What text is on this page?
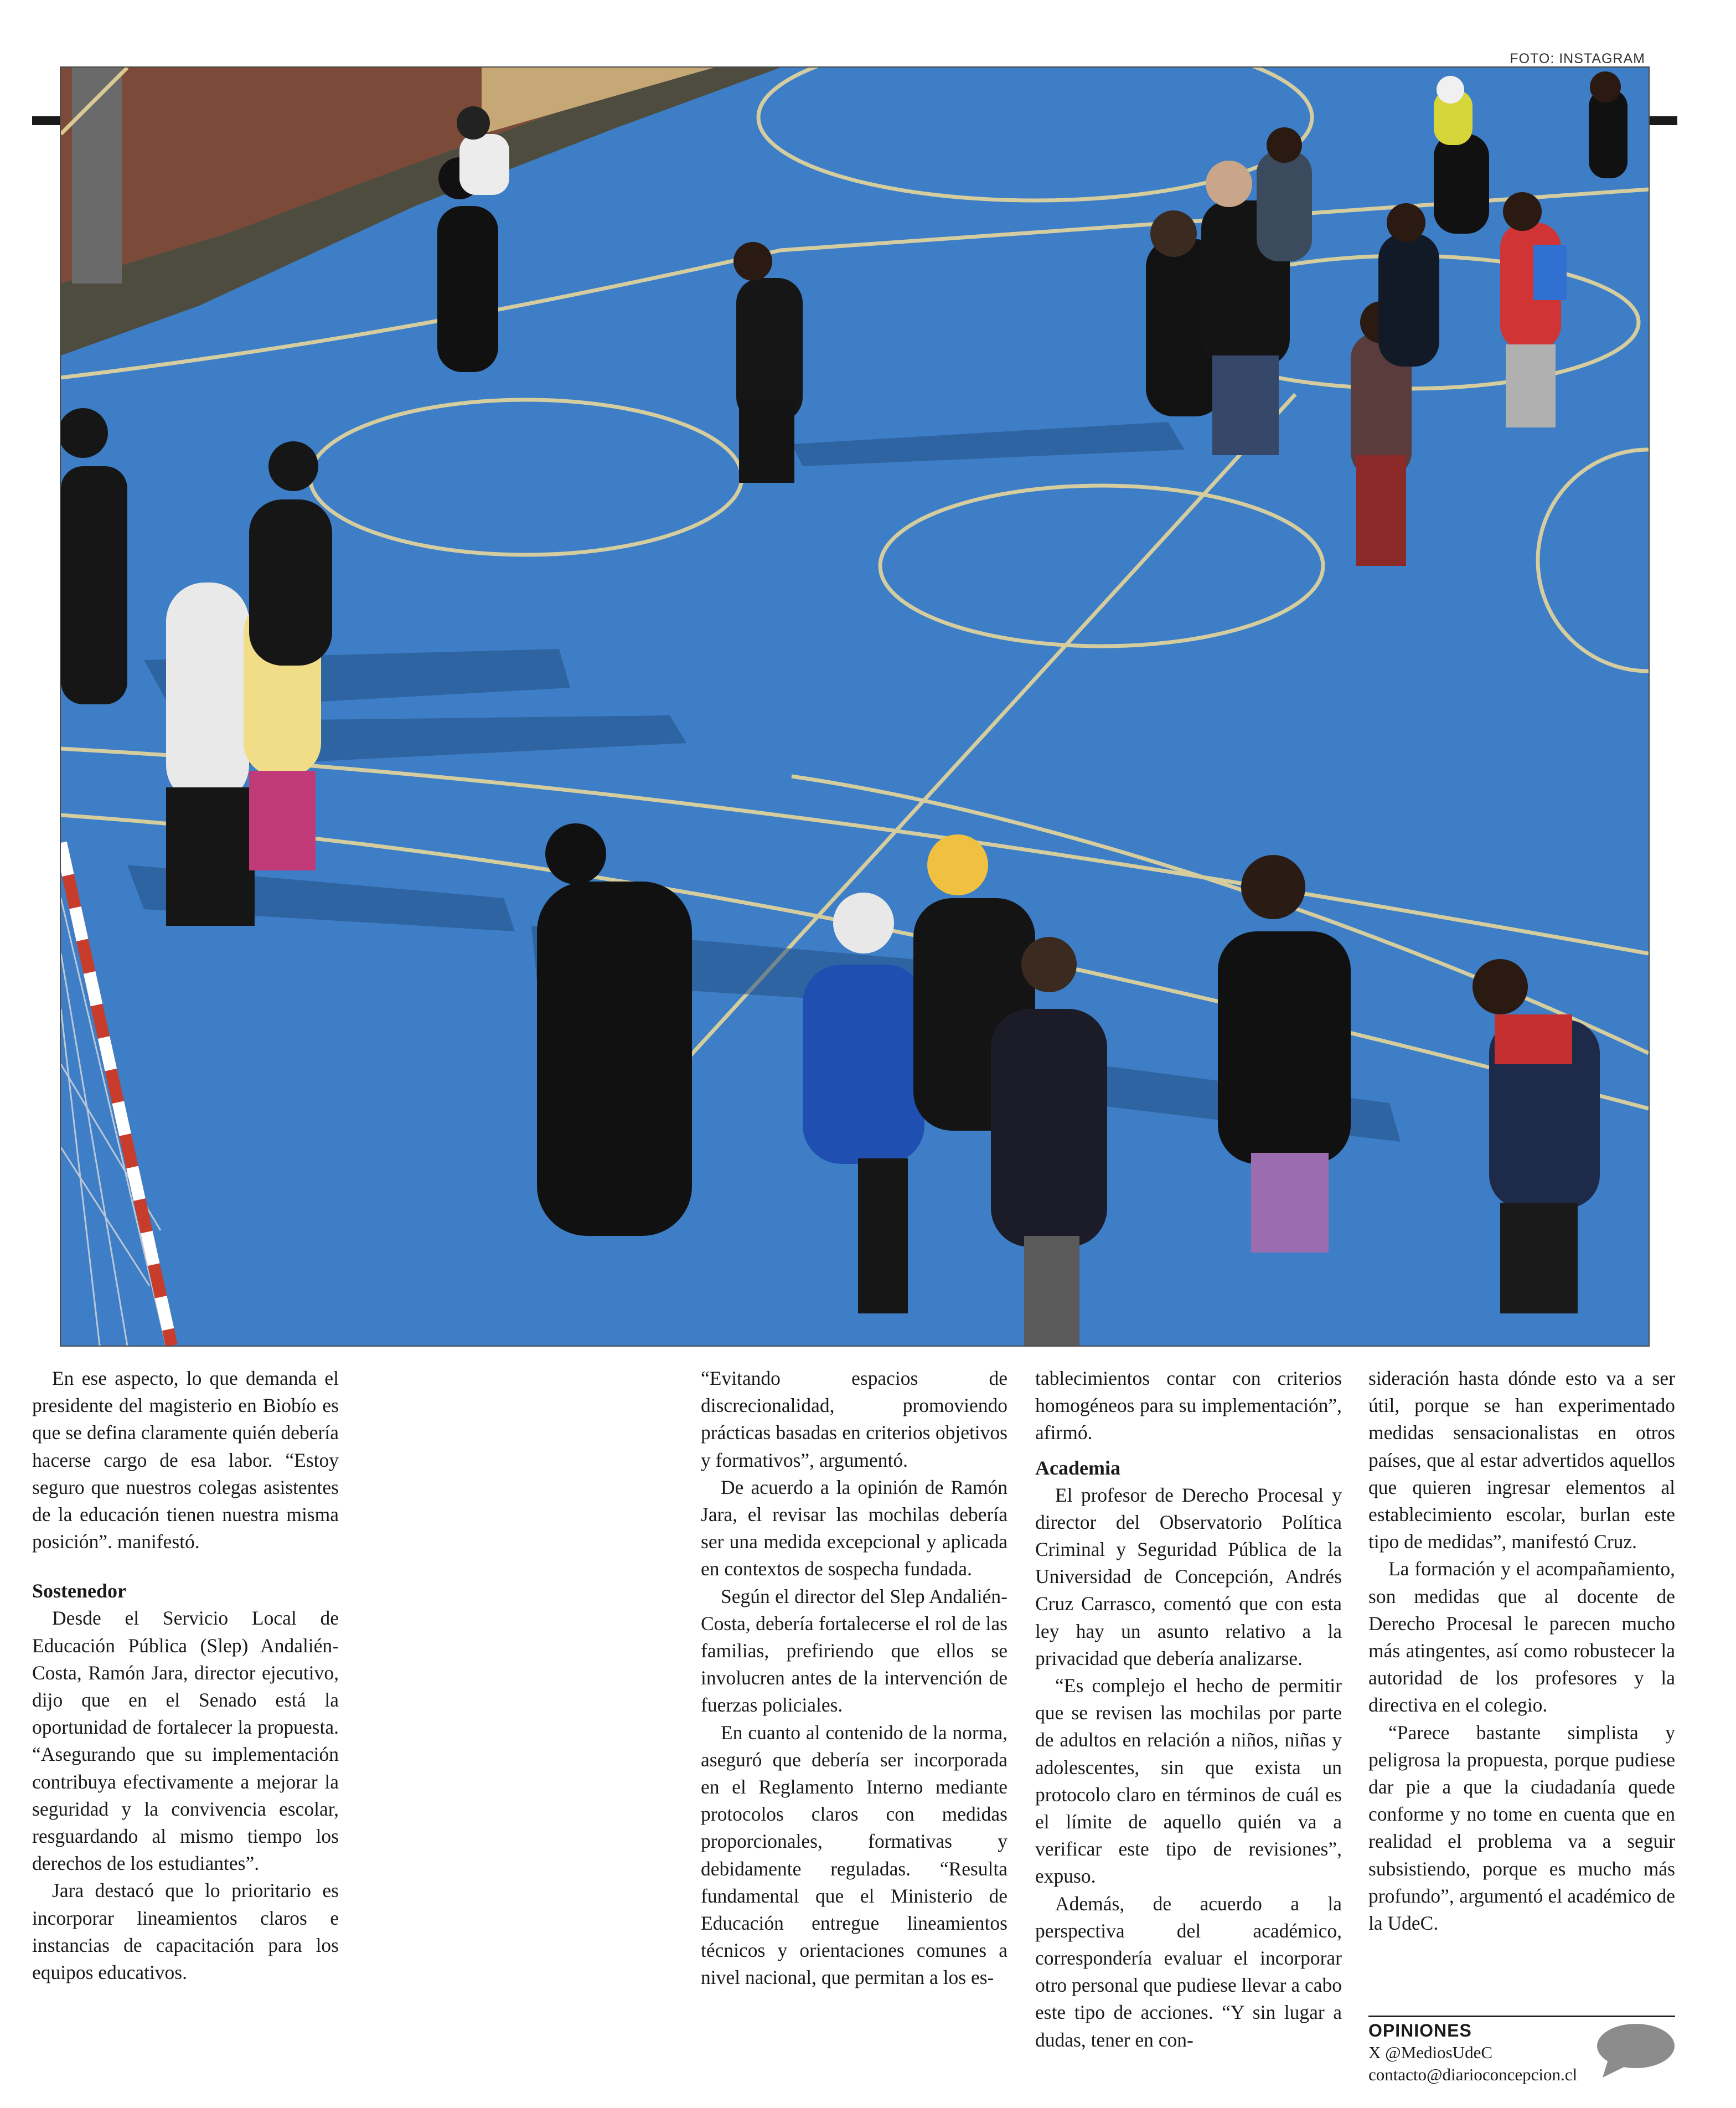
FOTO: INSTAGRAM

En ese aspecto, lo que demanda el presidente del magisterio en Biobío es que se defina claramente quién debería hacerse cargo de esa labor. “Estoy seguro que nuestros colegas asistentes de la educación tienen nuestra misma posición”. manifestó.

Sostenedor

Desde el Servicio Local de Educación Pública (Slep) Andalién-Costa, Ramón Jara, director ejecutivo, dijo que en el Senado está la oportunidad de fortalecer la propuesta. “Asegurando que su implementación contribuya efectivamente a mejorar la seguridad y la convivencia escolar, resguardando al mismo tiempo los derechos de los estudiantes”.

Jara destacó que lo prioritario es incorporar lineamientos claros e instancias de capacitación para los equipos educativos.

“Evitando espacios de discrecionalidad, promoviendo prácticas basadas en criterios objetivos y formativos”, argumentó.

De acuerdo a la opinión de Ramón Jara, el revisar las mochilas debería ser una medida excepcional y aplicada en contextos de sospecha fundada.

Según el director del Slep Andalién-Costa, debería fortalecerse el rol de las familias, prefiriendo que ellos se involucren antes de la intervención de fuerzas policiales.

En cuanto al contenido de la norma, aseguró que debería ser incorporada en el Reglamento Interno mediante protocolos claros con medidas proporcionales, formativas y debidamente reguladas. “Resulta fundamental que el Ministerio de Educación entregue lineamientos técnicos y orientaciones comunes a nivel nacional, que permitan a los es-

tablecimientos contar con criterios homogéneos para su implementación”, afirmó.

Academia

El profesor de Derecho Procesal y director del Observatorio Política Criminal y Seguridad Pública de la Universidad de Concepción, Andrés Cruz Carrasco, comentó que con esta ley hay un asunto relativo a la privacidad que debería analizarse.

“Es complejo el hecho de permitir que se revisen las mochilas por parte de adultos en relación a niños, niñas y adolescentes, sin que exista un protocolo claro en términos de cuál es el límite de aquello quién va a verificar este tipo de revisiones”, expuso.

Además, de acuerdo a la perspectiva del académico, correspondería evaluar el incorporar otro personal que pudiese llevar a cabo este tipo de acciones. “Y sin lugar a dudas, tener en con-

sideración hasta dónde esto va a ser útil, porque se han experimentado medidas sensacionalistas en otros países, que al estar advertidos aquellos que quieren ingresar elementos al establecimiento escolar, burlan este tipo de medidas”, manifestó Cruz.

La formación y el acompañamiento, son medidas que al docente de Derecho Procesal le parecen mucho más atingentes, así como robustecer la autoridad de los profesores y la directiva en el colegio.

“Parece bastante simplista y peligrosa la propuesta, porque pudiese dar pie a que la ciudadanía quede conforme y no tome en cuenta que en realidad el problema va a seguir subsistiendo, porque es mucho más profundo”, argumentó el académico de la UdeC.

OPINIONES
X @MediosUdeC
contacto@diarioconcepcion.cl
